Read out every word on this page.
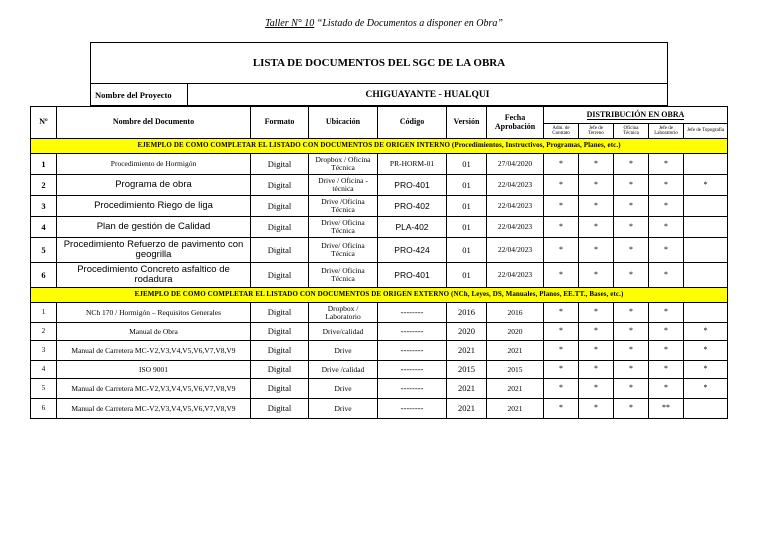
Taller N° 10 “Listado de Documentos a disponer en Obra”
LISTA DE DOCUMENTOS DEL SGC DE LA OBRA
Nombre del Proyecto	CHIGUAYANTE - HUALQUI
Nº	Nombre del Documento	Formato	Ubicación	Código	Versión	Fecha Aprobación	DISTRIBUCIÓN EN OBRA				
							Adm. de Contrato	Jefe de Terreno	Oficina Técnica	Jefe de Laboratorio	Jefe de Topografía
EJEMPLO DE COMO COMPLETAR EL LISTADO CON DOCUMENTOS DE ORIGEN INTERNO (Procedimientos, Instructivos, Programas, Planes, etc.)											
1	Procedimiento de Hormigón	Digital	Dropbox / Oficina Técnica	PR-HORM-01	01	27/04/2020	*	*	*	*	
2	Programa de obra	Digital	Drive / Oficina - técnica	PRO-401	01	22/04/2023	*	*	*	*	*
3	Procedimiento Riego de liga	Digital	Drive /Oficina Técnica	PRO-402	01	22/04/2023	*	*	*	*	
4	Plan de gestión de Calidad	Digital	Drive/ Oficina Técnica	PLA-402	01	22/04/2023	*	*	*	*	
5	Procedimiento Refuerzo de pavimento con geogrilla	Digital	Drive/ Oficina Técnica	PRO-424	01	22/04/2023	*	*	*	*	
6	Procedimiento Concreto asfaltico de rodadura	Digital	Drive/ Oficina Técnica	PRO-401	01	22/04/2023	*	*	*	*	
EJEMPLO DE COMO COMPLETAR EL LISTADO CON DOCUMENTOS DE ORIGEN EXTERNO (NCh, Leyes, DS, Manuales, Planos, EE.TT., Bases, etc.)											
1	NCh 170 / Hormigón – Requisitos Generales	Digital	Dropbox / Laboratorio	--------	2016	2016	*	*	*	*	
2	Manual de Obra	Digital	Drive/calidad	--------	2020	2020	*	*	*	*	*
3	Manual de Carretera MC-V2,V3,V4,V5,V6,V7,V8,V9	Digital	Drive	--------	2021	2021	*	*	*	*	*
4	ISO 9001	Digital	Drive /calidad	--------	2015	2015	*	*	*	*	*
5	Manual de Carretera MC-V2,V3,V4,V5,V6,V7,V8,V9	Digital	Drive	--------	2021	2021	*	*	*	*	*
6	Manual de Carretera MC-V2,V3,V4,V5,V6,V7,V8,V9	Digital	Drive	--------	2021	2021	*	*	*	**	
